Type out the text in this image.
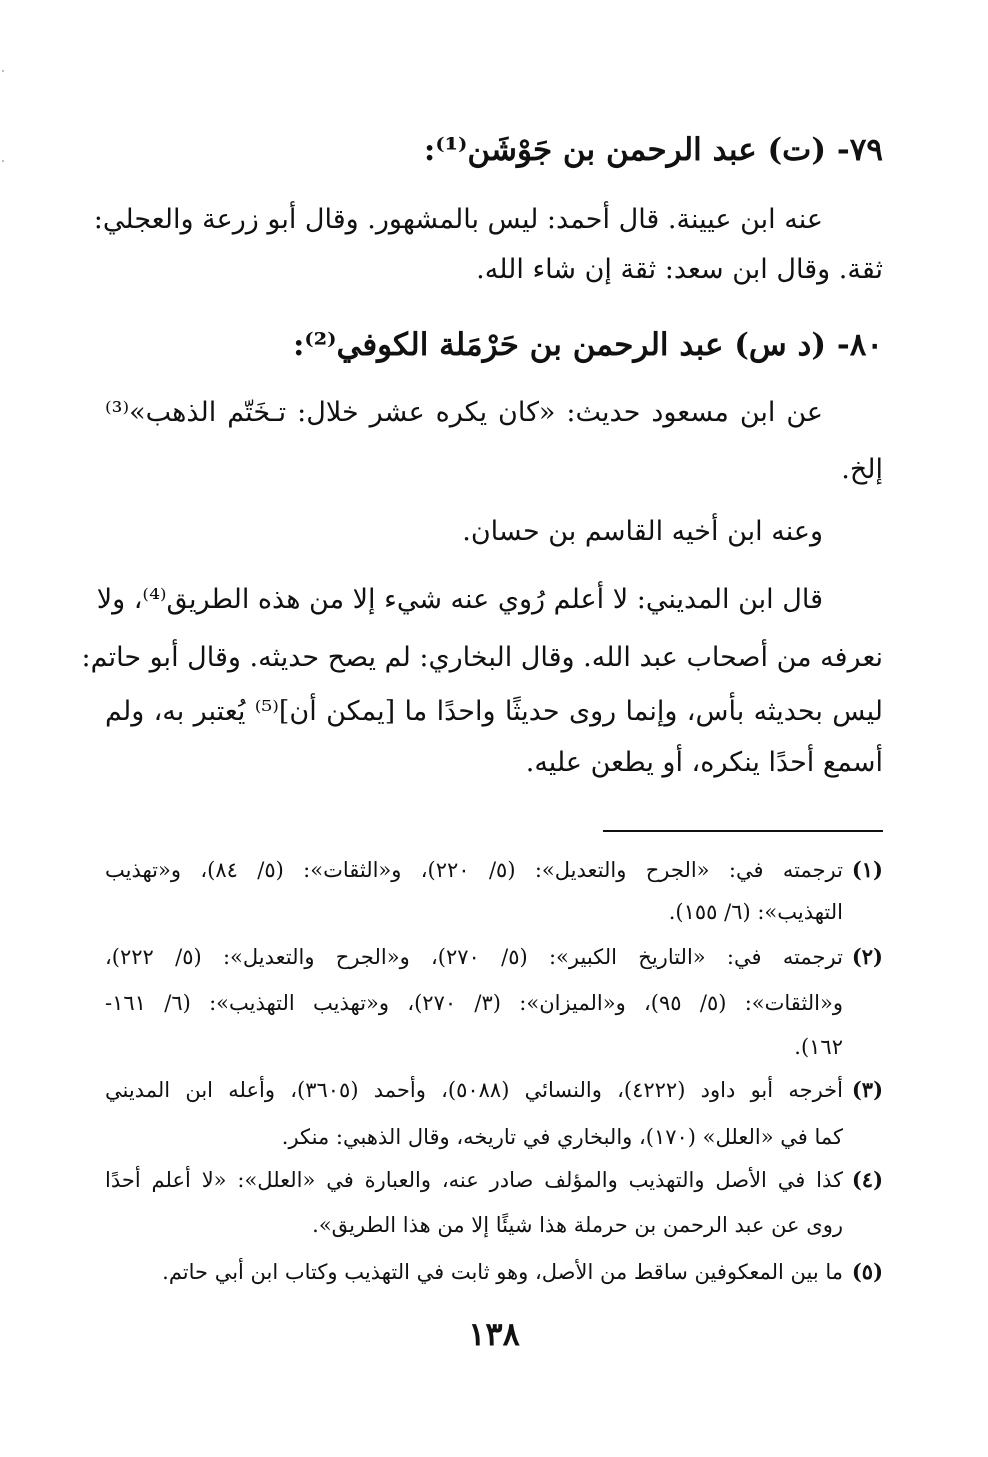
٧٩- (ت) عبد الرحمن بن جَوْشَن⁽¹⁾:
عنه ابن عيينة. قال أحمد: ليس بالمشهور. وقال أبو زرعة والعجلي:
ثقة. وقال ابن سعد: ثقة إن شاء الله.
٨٠- (د س) عبد الرحمن بن حَرْمَلة الكوفي⁽²⁾:
عن ابن مسعود حديث: «كان يكره عشر خلال: تـخَتّم الذهب»⁽³⁾
إلخ.
وعنه ابن أخيه القاسم بن حسان.
قال ابن المديني: لا أعلم رُوي عنه شيء إلا من هذه الطريق⁽⁴⁾، ولا
نعرفه من أصحاب عبد الله. وقال البخاري: لم يصح حديثه. وقال أبو حاتم:
ليس بحديثه بأس، وإنما روى حديثًا واحدًا ما [يمكن أن]⁽⁵⁾ يُعتبر به، ولم
أسمع أحدًا ينكره، أو يطعن عليه.
(١)ترجمته في: «الجرح والتعديل»: (٥/ ٢٢٠)، و«الثقات»: (٥/ ٨٤)، و«تهذيب
التهذيب»: (٦/ ١٥٥).
(٢)ترجمته في: «التاريخ الكبير»: (٥/ ٢٧٠)، و«الجرح والتعديل»: (٥/ ٢٢٢)،
و«الثقات»: (٥/ ٩٥)، و«الميزان»: (٣/ ٢٧٠)، و«تهذيب التهذيب»: (٦/ ١٦١-
١٦٢).
(٣)أخرجه أبو داود (٤٢٢٢)، والنسائي (٥٠٨٨)، وأحمد (٣٦٠٥)، وأعله ابن المديني
كما في «العلل» (١٧٠)، والبخاري في تاريخه، وقال الذهبي: منكر.
(٤)كذا في الأصل والتهذيب والمؤلف صادر عنه، والعبارة في «العلل»: «لا أعلم أحدًا
روى عن عبد الرحمن بن حرملة هذا شيئًا إلا من هذا الطريق».
(٥)ما بين المعكوفين ساقط من الأصل، وهو ثابت في التهذيب وكتاب ابن أبي حاتم.
١٣٨
